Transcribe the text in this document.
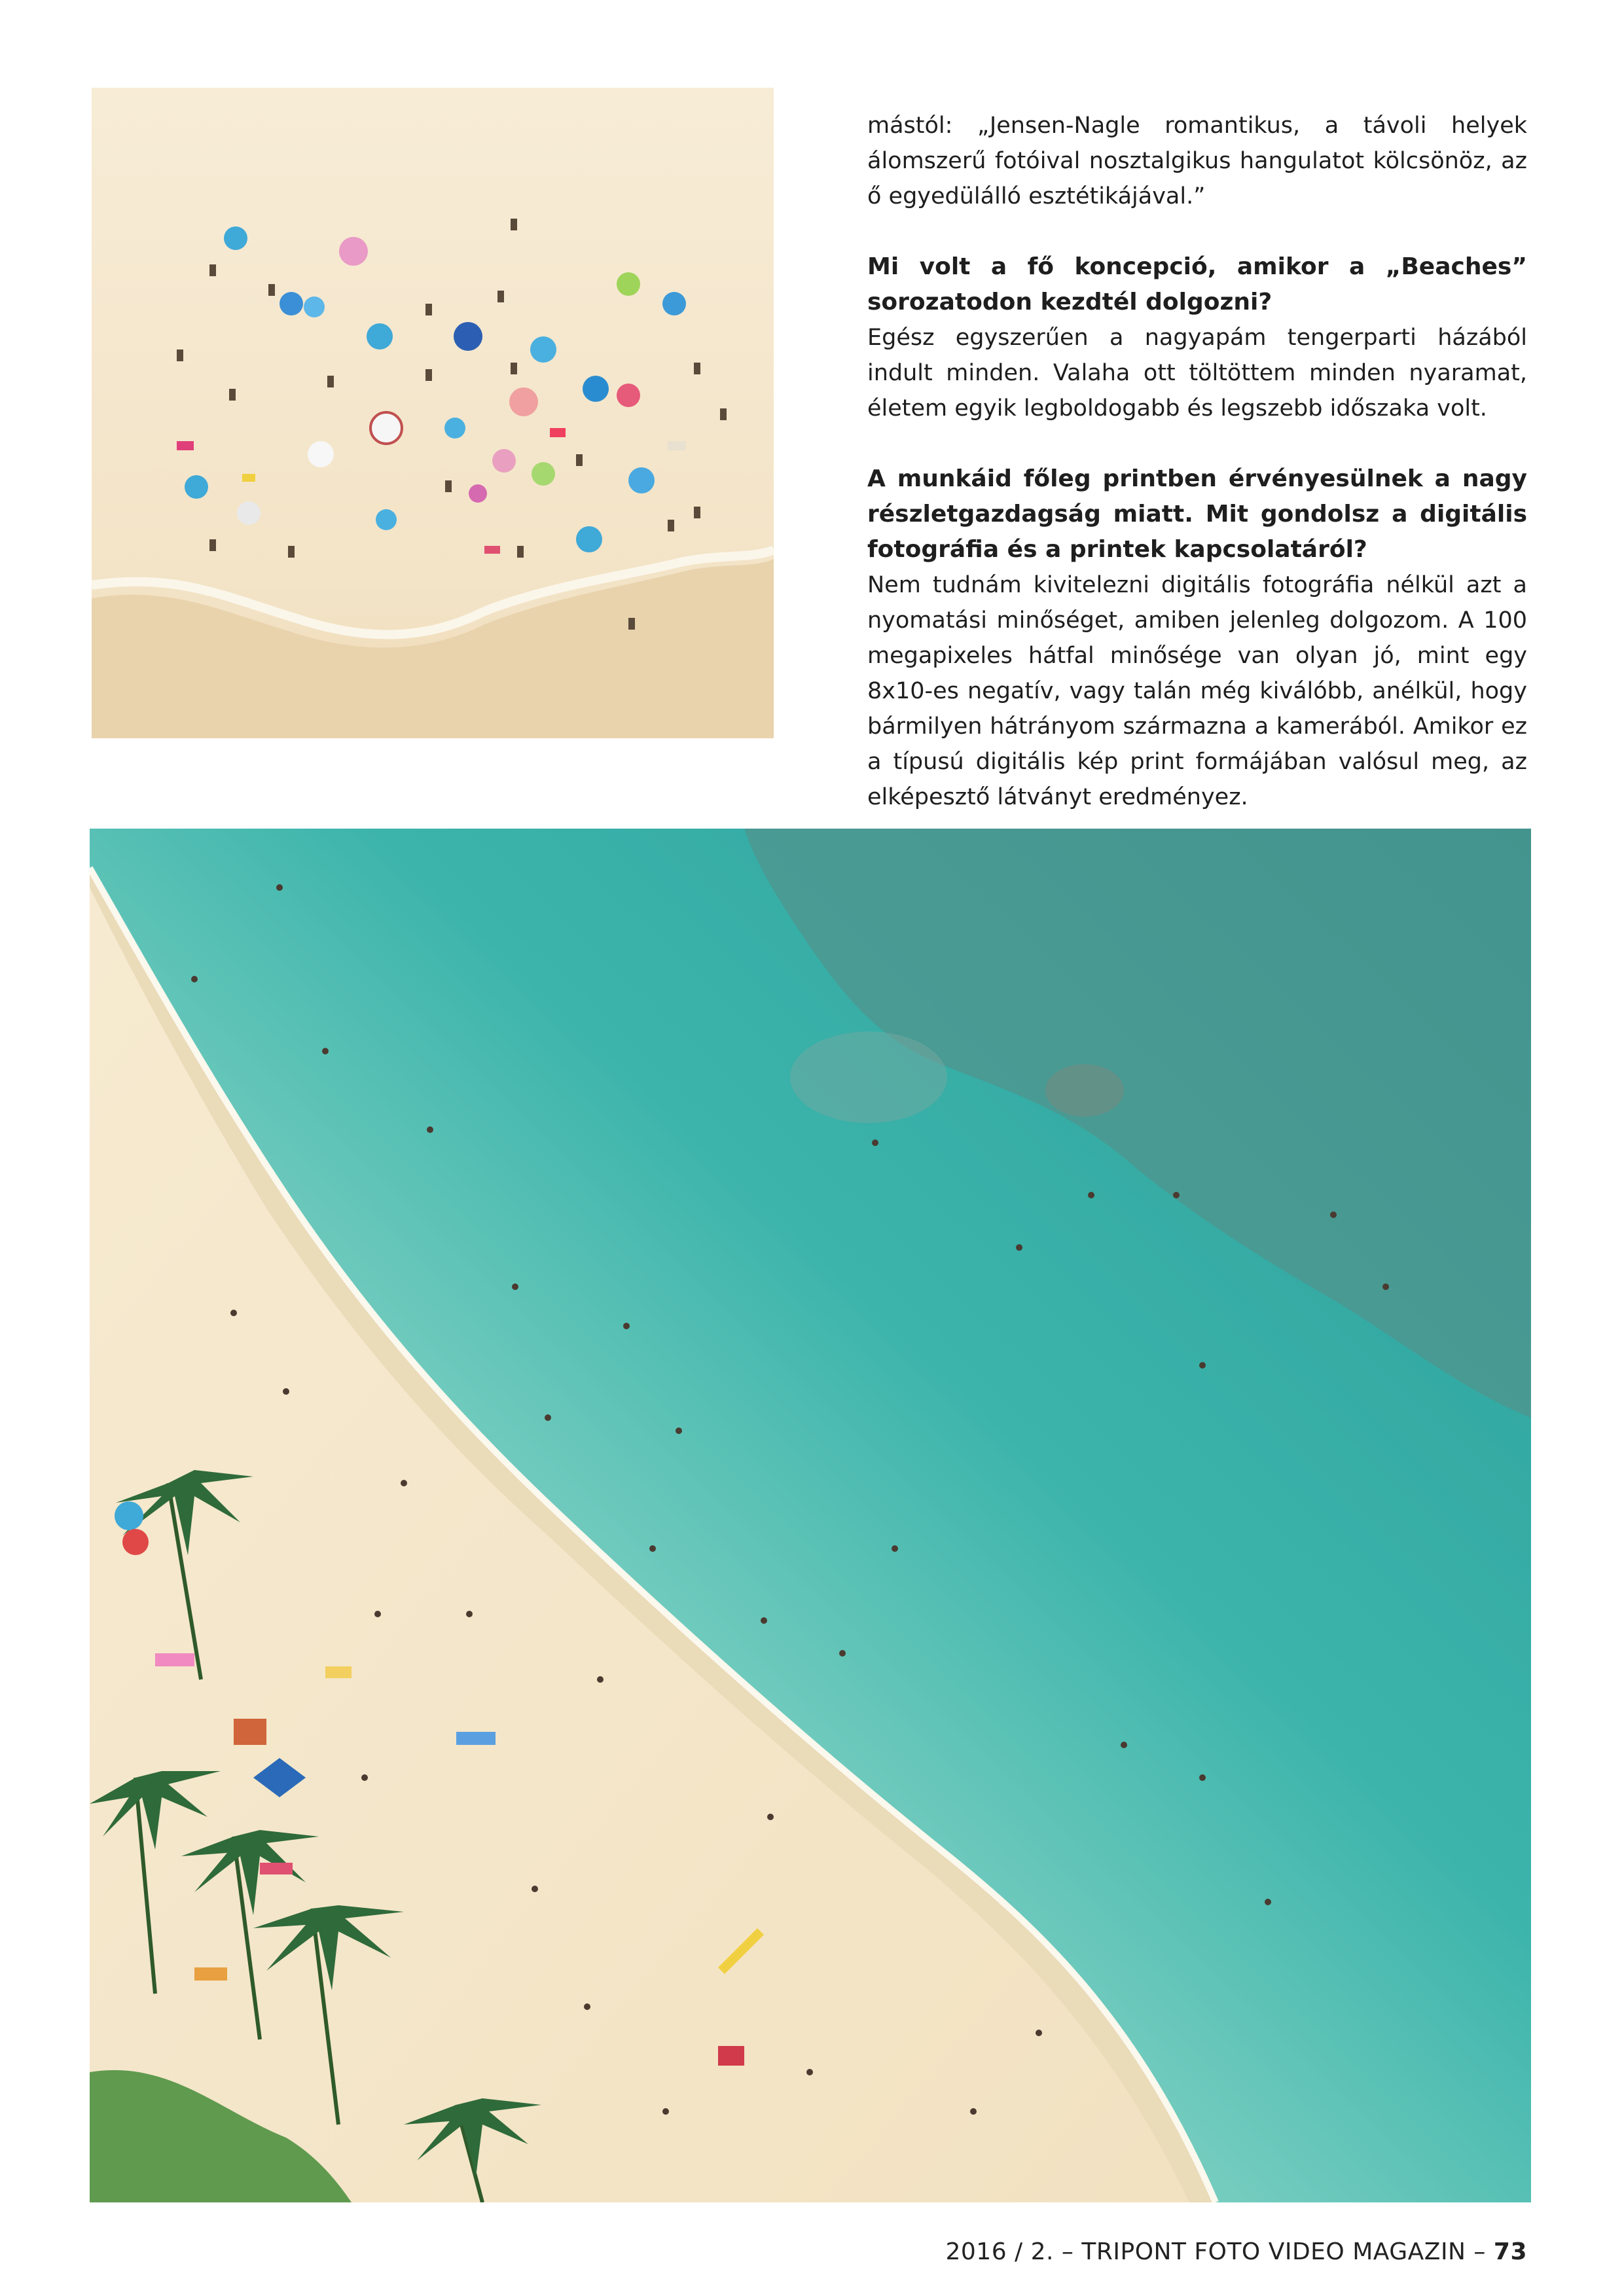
mástól: „Jensen-Nagle romantikus, a távoli helyek álomszerű fotóival nosztalgikus hangulatot kölcsönöz, az ő egyedülálló esztétikájával.”

Mi volt a fő koncepció, amikor a „Beaches” sorozatodon kezdtél dolgozni?

Egész egyszerűen a nagyapám tengerparti házából indult minden. Valaha ott töltöttem minden nyaramat, életem egyik legboldogabb és legszebb időszaka volt.

A munkáid főleg printben érvényesülnek a nagy részletgazdagság miatt. Mit gondolsz a digitális fotográfia és a printek kapcsolatáról?

Nem tudnám kivitelezni digitális fotográfia nélkül azt a nyomatási minőséget, amiben jelenleg dolgozom. A 100 megapixeles hátfal minősége van olyan jó, mint egy 8x10-es negatív, vagy talán még kiválóbb, anélkül, hogy bármilyen hátrányom származna a kamerából. Amikor ez a típusú digitális kép print formájában valósul meg, az elképesztő látványt eredményez.

2016 / 2. – TRIPONT FOTO VIDEO MAGAZIN – 73
